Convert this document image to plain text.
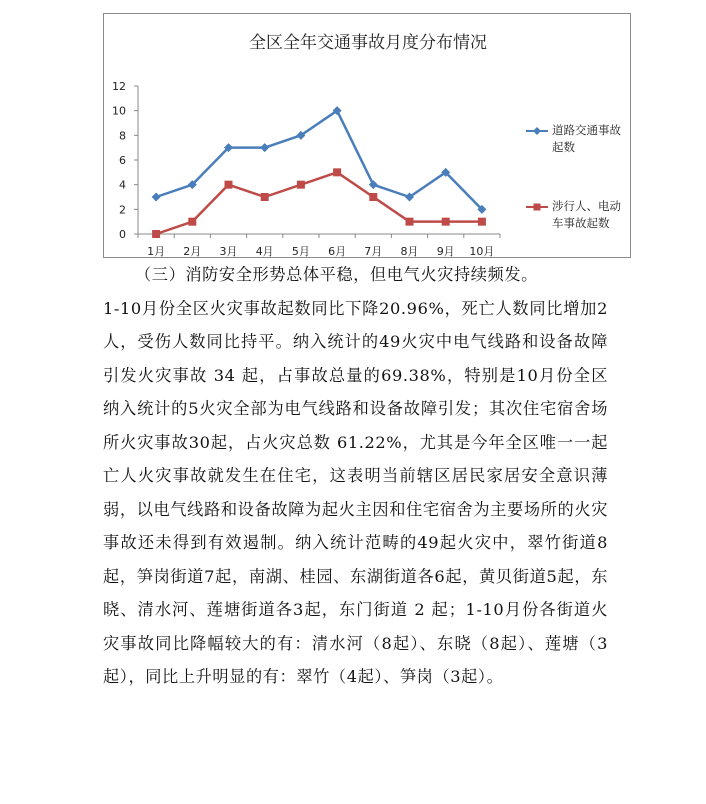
全区全年交通事故月度分布情况
0
2
4
6
8
10
12
1月 2月 3月 4月 5月 6月 7月 8月 9月 10月
道路交通事故
起数
涉行人、电动
车事故起数

（三）消防安全形势总体平稳，但电气火灾持续频发。

1-10月份全区火灾事故起数同比下降20.96%，死亡人数同比增加2人，受伤人数同比持平。纳入统计的49火灾中电气线路和设备故障引发火灾事故 34 起，占事故总量的69.38%，特别是10月份全区纳入统计的5火灾全部为电气线路和设备故障引发；其次住宅宿舍场所火灾事故30起，占火灾总数 61.22%，尤其是今年全区唯一一起亡人火灾事故就发生在住宅，这表明当前辖区居民家居安全意识薄弱，以电气线路和设备故障为起火主因和住宅宿舍为主要场所的火灾事故还未得到有效遏制。纳入统计范畴的49起火灾中，翠竹街道8起，笋岗街道7起，南湖、桂园、东湖街道各6起，黄贝街道5起，东晓、清水河、莲塘街道各3起，东门街道 2 起；1-10月份各街道火灾事故同比降幅较大的有：清水河（8起）、东晓（8起）、莲塘（3起），同比上升明显的有：翠竹（4起）、笋岗（3起）。
